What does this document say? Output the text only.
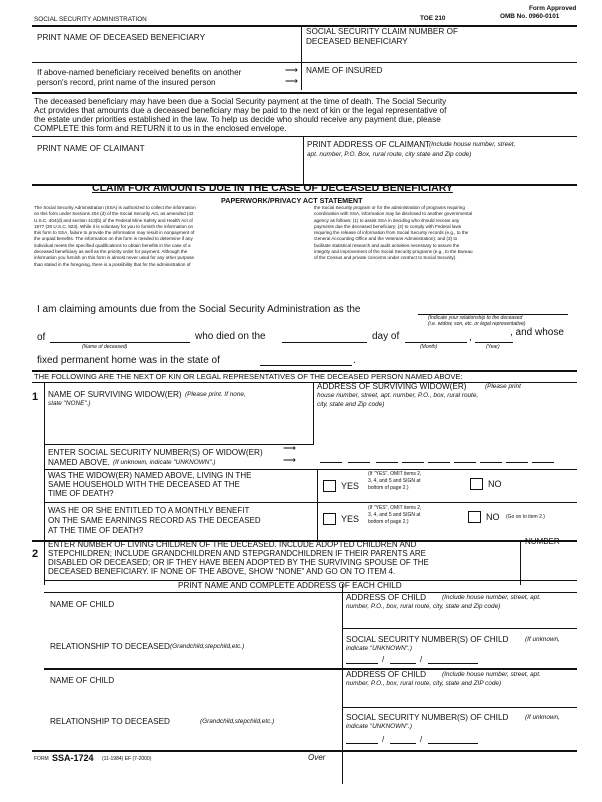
SOCIAL SECURITY ADMINISTRATION	TOE 210
Form Approved
OMB No. 0960-0101
PRINT NAME OF DECEASED BENEFICIARY
SOCIAL SECURITY CLAIM NUMBER OF
DECEASED BENEFICIARY
If above-named beneficiary received benefits on another
person's record, print name of the insured person
⟶
⟶
NAME OF INSURED
The deceased beneficiary may have been due a Social Security payment at the time of death. The Social Security
Act provides that amounts due a deceased beneficiary may be paid to the next of kin or the legal representative of
the estate under priorities established in the law. To help us decide who should receive any payment due, please
COMPLETE this form and RETURN it to us in the enclosed envelope.
PRINT NAME OF CLAIMANT	PRINT ADDRESS OF CLAIMANT
(Include house number, street,
apt. number, P.O. Box, rural route, city state and Zip code)
CLAIM FOR AMOUNTS DUE IN THE CASE OF DECEASED BENEFICIARY
PAPERWORK/PRIVACY ACT STATEMENT
The Social Security Administration (SSA) is authorized to collect the information
on this form under Sections 204 (d) of the Social Security Act, as amended (42
U.S.C. 404(d) and section 413(b) of the Federal Mine Safety and Health Act of
1977 (30 U.S.C. 923). While it is voluntary for you to furnish the information on
this form to SSA, failure to provide the information may result in nonpayment of
the unpaid benefits. The information on this form is needed to determine if any
individual meets the specified qualifications to obtain benefits in the case of a
deceased beneficiary as well as the priority order for payment. Although the
information you furnish on this form is almost never used for any other purpose
than stated in the foregoing, there is a possibility that for the administration of
the Social Security program or for the administration of programs requiring
coordination with SSA, information may be disclosed to another governmental
agency as follows: (1) to assist SSA in deciding who should receive any
payments due the deceased beneficiary; (2) to comply with Federal laws
requiring the release of information from Social Security records (e.g., to the
General Accounting Office and the Veterans Administration); and (3) to
facilitate statistical research and audit activities necessary to assure the
integrity and improvement of the Social Security programs (e.g., to the Bureau
of the Census and private concerns under contract to Social Security).
I am claiming amounts due from the Social Security Administration as the
(Indicate your relationship to the deceased
(i.e. widow, son, etc. or legal representative)
of
(Name of deceased)
who died on the	day of
(Month)
,
(Year)
, and whose
fixed permanent home was in the state of	.
THE FOLLOWING ARE THE NEXT OF KIN OR LEGAL REPRESENTATIVES OF THE DECEASED PERSON NAMED ABOVE:
1 NAME OF SURVIVING WIDOW(ER) (Please print. If none,
state "NONE".)
ADDRESS OF SURVIVING WIDOW(ER)	(Please print
house number, street, apt. number, P.O., box, rural route,
city, state and Zip code)
ENTER SOCIAL SECURITY NUMBER(S) OF WIDOW(ER)
NAMED ABOVE. (If unknown, indicate "UNKNOWN".)
⟶
⟶
WAS THE WIDOW(ER) NAMED ABOVE, LIVING IN THE
SAME HOUSEHOLD WITH THE DECEASED AT THE
TIME OF DEATH?
YES
(If "YES", OMIT items 2,
3, 4, and 5 and SIGN at
bottom of page 2.)	NO
WAS HE OR SHE ENTITLED TO A MONTHLY BENEFIT
ON THE SAME EARNINGS RECORD AS THE DECEASED
AT THE TIME OF DEATH?
YES
(If "YES", OMIT items 2,
3, 4, and 5 and SIGN at
bottom of page 2.)	NO (Go on to item 2.)
2
ENTER NUMBER OF LIVING CHILDREN OF THE DECEASED. INCLUDE ADOPTED CHILDREN AND
STEPCHILDREN; INCLUDE GRANDCHILDREN AND STEPGRANDCHILDREN IF THEIR PARENTS ARE
DISABLED OR DECEASED; OR IF THEY HAVE BEEN ADOPTED BY THE SURVIVING SPOUSE OF THE
DECEASED BENEFICIARY. IF NONE OF THE ABOVE, SHOW "NONE" AND GO ON TO ITEM 4.
NUMBER
PRINT NAME AND COMPLETE ADDRESS OF EACH CHILD
NAME OF CHILD
ADDRESS OF CHILD (Include house number, street, apt.
number, P.O., box, rural route, city, state and Zip code)
RELATIONSHIP TO DECEASED (Grandchild,stepchild,etc.)
SOCIAL SECURITY NUMBER(S) OF CHILD	(If unknown,
indicate "UNKNOWN".)
/	/
NAME OF CHILD
ADDRESS OF CHILD (Include house number, street, apt.
number, P.O., box, rural route, city, state and ZIP code)
RELATIONSHIP TO DECEASED	(Grandchild,stepchild,etc.)	SOCIAL SECURITY NUMBER(S) OF CHILD	(If unknown,
indicate "UNKNOWN".)
/	/
FORM SSA-1724 (11-1984) EF (7-2000)	Over
